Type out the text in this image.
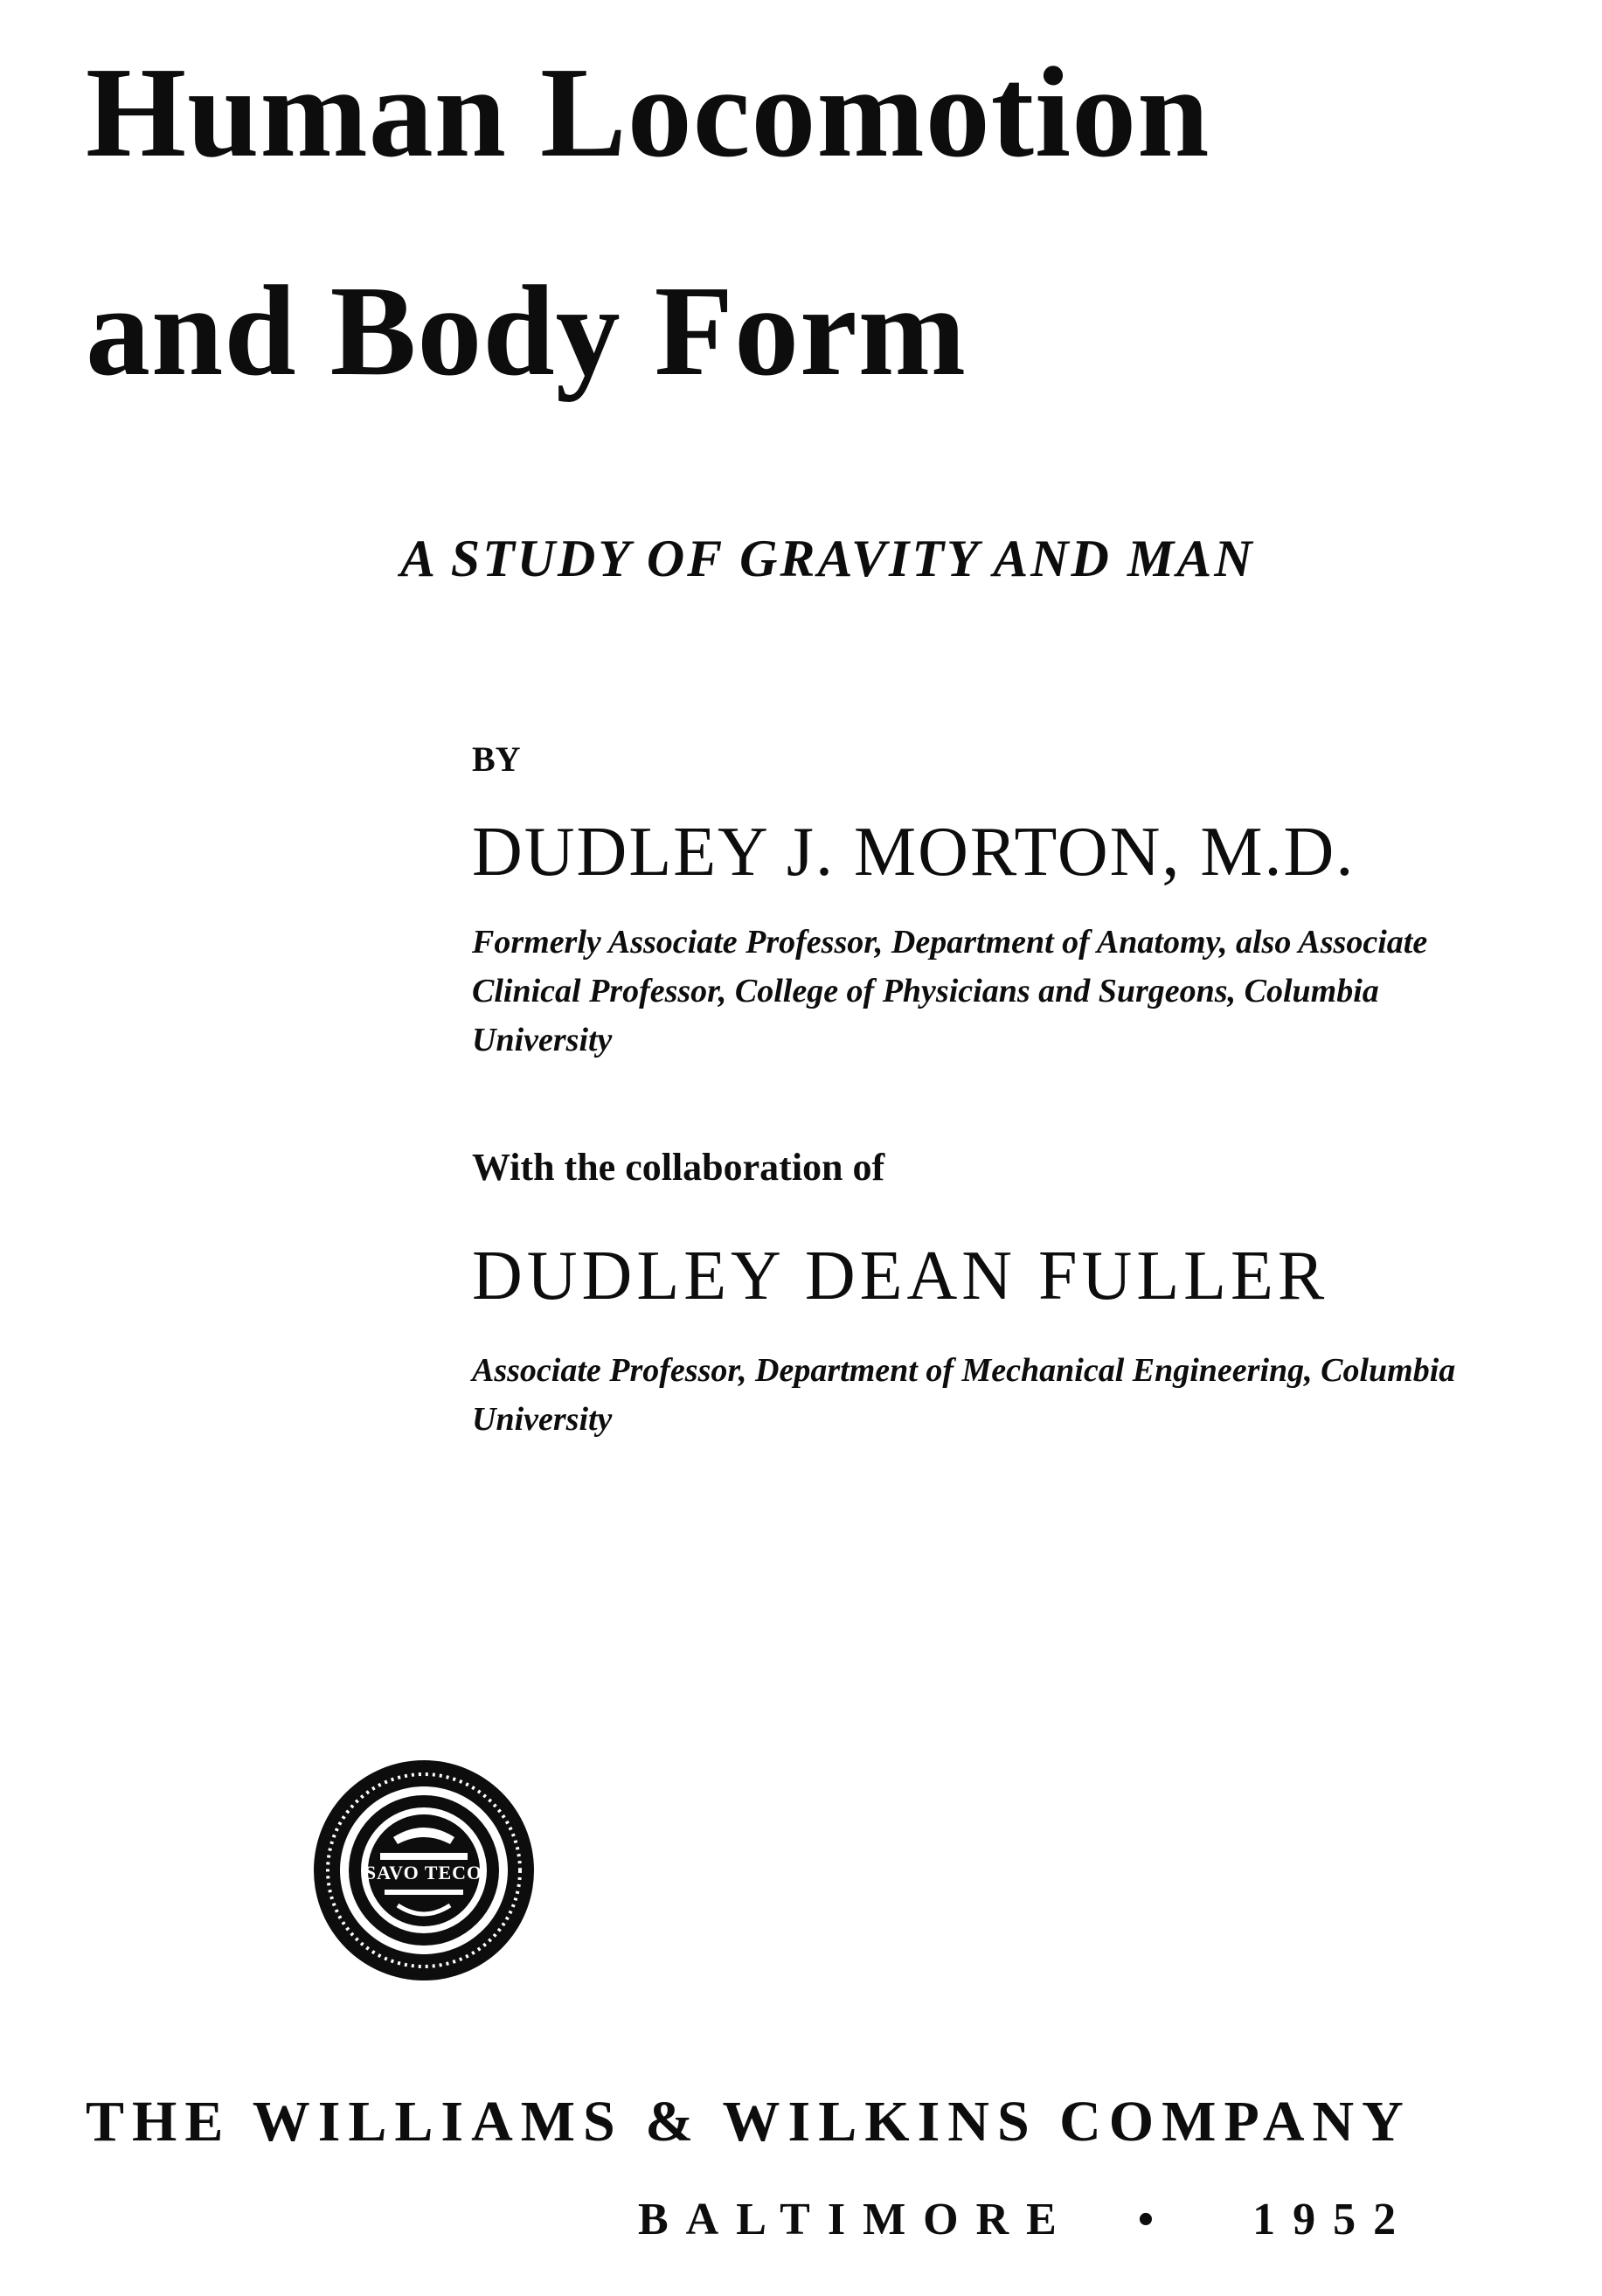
Human Locomotion
and Body Form
A STUDY OF GRAVITY AND MAN
BY
DUDLEY J. MORTON, M.D.

Formerly Associate Professor, Department of Anatomy, also Associate Clinical Professor, College of Physicians and Surgeons, Columbia University

With the collaboration of
DUDLEY DEAN FULLER

Associate Professor, Department of Mechanical Engineering, Columbia University

SAVO TECO
THE WILLIAMS & WILKINS COMPANY
BALTIMORE • 1952
